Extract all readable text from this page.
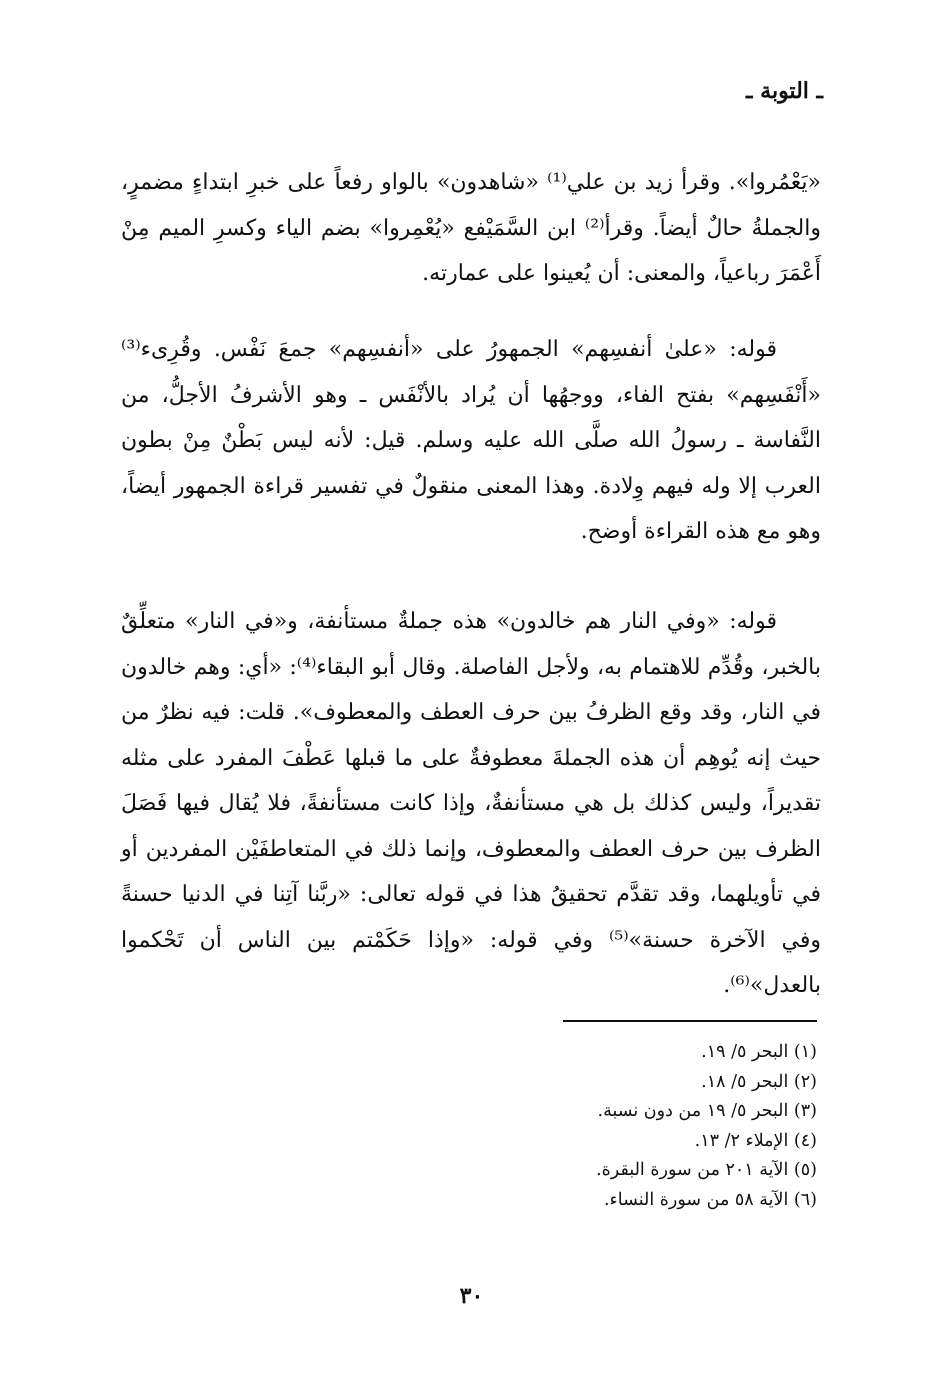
ـ التوبة ـ

«يَعْمُروا». وقرأ زيد بن علي⁽¹⁾ «شاهدون» بالواو رفعاً على خبرِ ابتداءٍ مضمرٍ، والجملةُ حالٌ أيضاً. وقرأ⁽²⁾ ابن السَّمَيْفع «يُعْمِروا» بضم الياء وكسرِ الميم مِنْ أَعْمَرَ رباعياً، والمعنى: أن يُعينوا على عمارته.

قوله: «علىٰ أنفسِهم» الجمهورُ على «أنفسِهم» جمعَ نَفْس. وقُرِىء⁽³⁾ «أَنْفَسِهم» بفتح الفاء، ووجهُها أن يُراد بالأنْفَس ـ وهو الأشرفُ الأجلُّ، من النَّفاسة ـ رسولُ الله صلَّى الله عليه وسلم. قيل: لأنه ليس بَطْنٌ مِنْ بطون العرب إلا وله فيهم وِلادة. وهذا المعنى منقولٌ في تفسير قراءة الجمهور أيضاً، وهو مع هذه القراءة أوضح.

قوله: «وفي النار هم خالدون» هذه جملةٌ مستأنفة، و«في النار» متعلِّقٌ بالخبر، وقُدِّم للاهتمام به، ولأجل الفاصلة. وقال أبو البقاء⁽⁴⁾: «أي: وهم خالدون في النار، وقد وقع الظرفُ بين حرف العطف والمعطوف». قلت: فيه نظرٌ من حيث إنه يُوهِم أن هذه الجملةَ معطوفةٌ على ما قبلها عَطْفَ المفرد على مثله تقديراً، وليس كذلك بل هي مستأنفةٌ، وإذا كانت مستأنفةً، فلا يُقال فيها فَصَلَ الظرف بين حرف العطف والمعطوف، وإنما ذلك في المتعاطفَيْن المفردين أو في تأويلهما، وقد تقدَّم تحقيقُ هذا في قوله تعالى: «ربَّنا آتِنا في الدنيا حسنةً وفي الآخرة حسنة»⁽⁵⁾ وفي قوله: «وإذا حَكَمْتم بين الناس أن تَحْكموا بالعدل»⁽⁶⁾.

(١) البحر ٥/ ١٩.
(٢) البحر ٥/ ١٨.
(٣) البحر ٥/ ١٩ من دون نسبة.
(٤) الإملاء ٢/ ١٣.
(٥) الآية ٢٠١ من سورة البقرة.
(٦) الآية ٥٨ من سورة النساء.
٣٠
